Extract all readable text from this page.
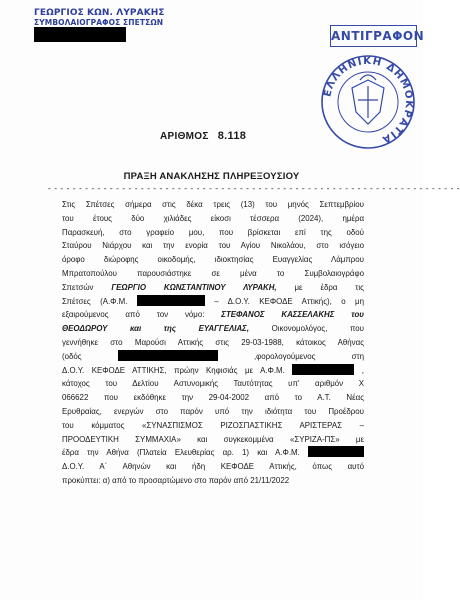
ΓΕΩΡΓΙΟΣ ΚΩΝ. ΛΥΡΑΚΗΣ
ΣΥΜΒΟΛΑΙΟΓΡΑΦΟΣ ΣΠΕΤΣΩΝ
ΑΝΤΙΓΡΑΦΟΝ
ΕΛΛΗΝΙΚΗ ΔΗΜΟΚΡΑΤΙΑ
ΑΡΙΘΜΟΣ 8.118
ΠΡΑΞΗ ΑΝΑΚΛΗΣΗΣ ΠΛΗΡΕΞΟΥΣΙΟΥ
- - - - - - - - - - - - - - - - - - - - - - - - - - - - - - - - - - - - - - - - - - - - - - - - - - - - - - - - - - - - - - - - - - -
Στις Σπέτσες σήμερα στις δέκα τρεις (13) του μηνός Σεπτεμβρίου
του έτους δύο χιλιάδες είκοσι τέσσερα (2024), ημέρα
Παρασκευή, στο γραφείο μου, που βρίσκεται επί της οδού
Σταύρου Νιάρχου και την ενορία του Αγίου Νικολάου, στο ισόγειο
όροφο διώροφης οικοδομής, ιδιοκτησίας Ευαγγελίας Λάμπρου
Μπρατοπούλου παρουσιάστηκε σε μένα το Συμβολαιογράφο
Σπετσών ΓΕΩΡΓΙΟ ΚΩΝΣΤΑΝΤΙΝΟΥ ΛΥΡΑΚΗ, με έδρα τις
Σπέτσες (Α.Φ.Μ.	– Δ.Ο.Υ. ΚΕΦΟΔΕ Αττικής), ο μη
εξαιρούμενος από τον νόμο: ΣΤΕΦΑΝΟΣ ΚΑΣΣΕΛΑΚΗΣ του
ΘΕΟΔΩΡΟΥ	και της	ΕΥΑΓΓΕΛΙΑΣ,	Οικονομολόγος, που
γεννήθηκε στο Μαρούσι Αττικής στις 29-03-1988, κάτοικος Αθήνας
(οδός	,φορολογούμενος στη
Δ.Ο.Υ. ΚΕΦΟΔΕ ΑΤΤΙΚΗΣ, πρώην Κηφισιάς με Α.Φ.Μ.	,
κάτοχος του Δελτίου Αστυνομικής Ταυτότητας υπ' αριθμόν Χ
066622 που εκδόθηκε την 29-04-2002 από το Α.Τ. Νέας
Ερυθραίας, ενεργών στο παρόν υπό την ιδιότητα του Προέδρου
του κόμματος «ΣΥΝΑΣΠΙΣΜΟΣ ΡΙΖΟΣΠΑΣΤΙΚΗΣ ΑΡΙΣΤΕΡΑΣ –
ΠΡΟΟΔΕΥΤΙΚΗ ΣΥΜΜΑΧΙΑ» και συγκεκομμένα «ΣΥΡΙΖΑ-ΠΣ» με
έδρα την Αθήνα (Πλατεία Ελευθερίας αρ. 1) και Α.Φ.Μ.
Δ.Ο.Υ. Α΄ Αθηνών και ήδη ΚΕΦΟΔΕ Αττικής, όπως αυτό
προκύπτει: α) από το προσαρτώμενο στο παρόν από 21/11/2022
